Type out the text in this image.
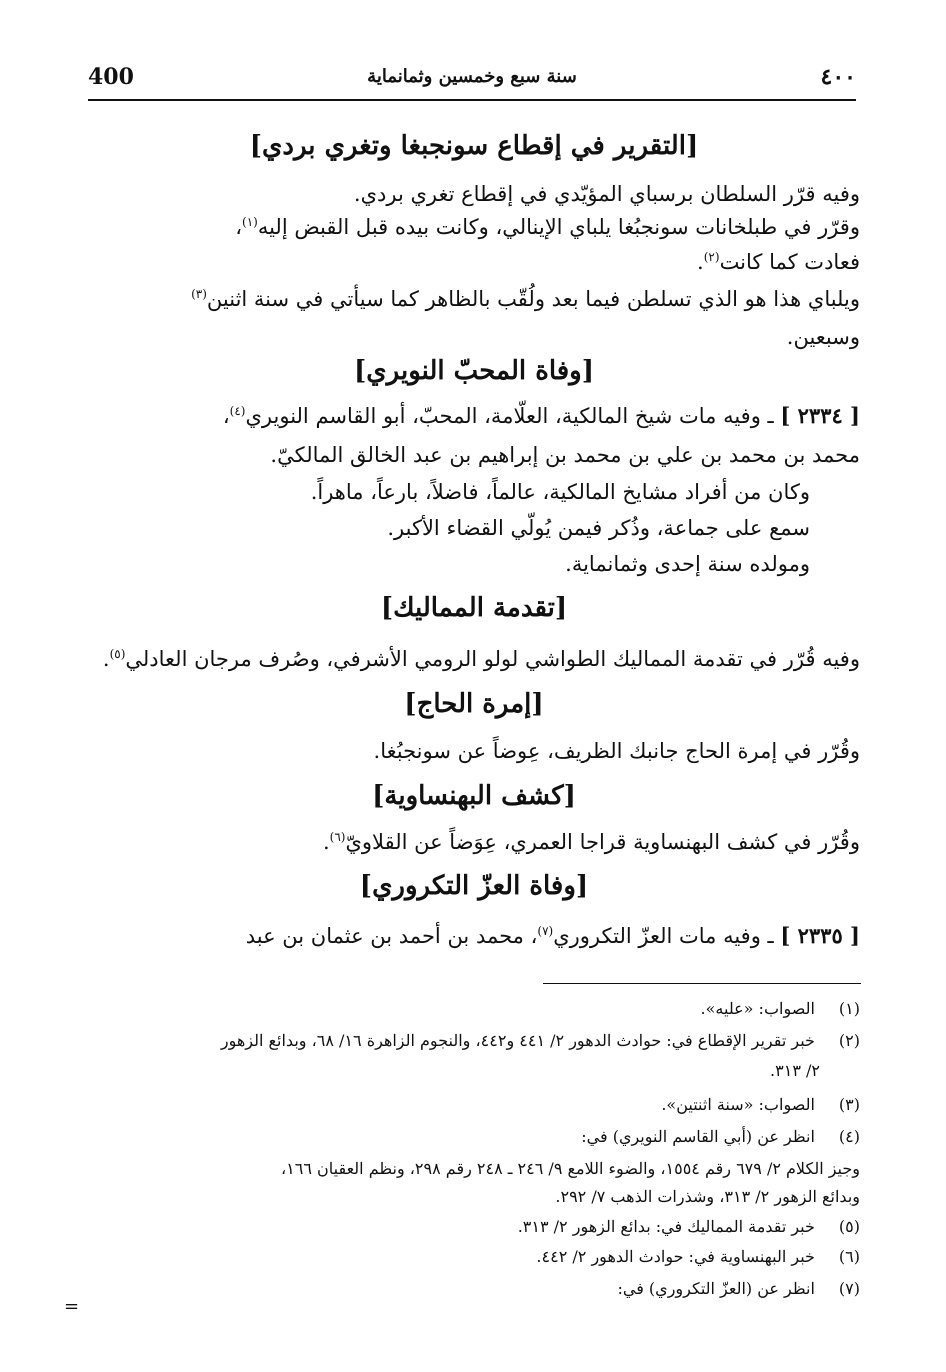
400	سنة سبع وخمسين وثمانماية	٤٠٠
[التقرير في إقطاع سونجبغا وتغري بردي]
وفيه قرّر السلطان برسباي المؤيّدي في إقطاع تغري بردي.
وقرّر في طبلخانات سونجبُغا يلباي الإينالي، وكانت بيده قبل القبض إليه$^{(١)}$،
فعادت كما كانت$^{(٢)}$.
ويلباي هذا هو الذي تسلطن فيما بعد ولُقّب بالظاهر كما سيأتي في سنة اثنين$^{(٣)}$
وسبعين.
[وفاة المحبّ النويري]
[ ٢٣٣٤ ] ـ وفيه مات شيخ المالكية، العلّامة، المحبّ، أبو القاسم النويري$^{(٤)}$،
محمد بن محمد بن علي بن محمد بن إبراهيم بن عبد الخالق المالكيّ.
وكان من أفراد مشايخ المالكية، عالماً، فاضلاً، بارعاً، ماهراً.
سمع على جماعة، وذُكر فيمن يُولّي القضاء الأكبر.
ومولده سنة إحدى وثمانماية.
[تقدمة المماليك]
وفيه قُرّر في تقدمة المماليك الطواشي لولو الرومي الأشرفي، وصُرف مرجان العادلي$^{(٥)}$.
[إمرة الحاج]
وقُرّر في إمرة الحاج جانبك الظريف، عِوضاً عن سونجبُغا.
[كشف البهنساوية]
وقُرّر في كشف البهنساوية قراجا العمري، عِوَضاً عن القلاويّ$^{(٦)}$.
[وفاة العزّ التكروري]
[ ٢٣٣٥ ] ـ وفيه مات العزّ التكروري$^{(٧)}$، محمد بن أحمد بن عثمان بن عبد
(١) الصواب: «عليه».
(٢) خبر تقرير الإقطاع في: حوادث الدهور ٢/ ٤٤١ و٤٤٢، والنجوم الزاهرة ١٦/ ٦٨، وبدائع الزهور
٢/ ٣١٣.
(٣) الصواب: «سنة اثنتين».
(٤) انظر عن (أبي القاسم النويري) في:
وجيز الكلام ٢/ ٦٧٩ رقم ١٥٥٤، والضوء اللامع ٩/ ٢٤٦ ـ ٢٤٨ رقم ٢٩٨، ونظم العقيان ١٦٦،
وبدائع الزهور ٢/ ٣١٣، وشذرات الذهب ٧/ ٢٩٢.
(٥) خبر تقدمة المماليك في: بدائع الزهور ٢/ ٣١٣.
(٦) خبر البهنساوية في: حوادث الدهور ٢/ ٤٤٢.
(٧) انظر عن (العزّ التكروري) في:
=
